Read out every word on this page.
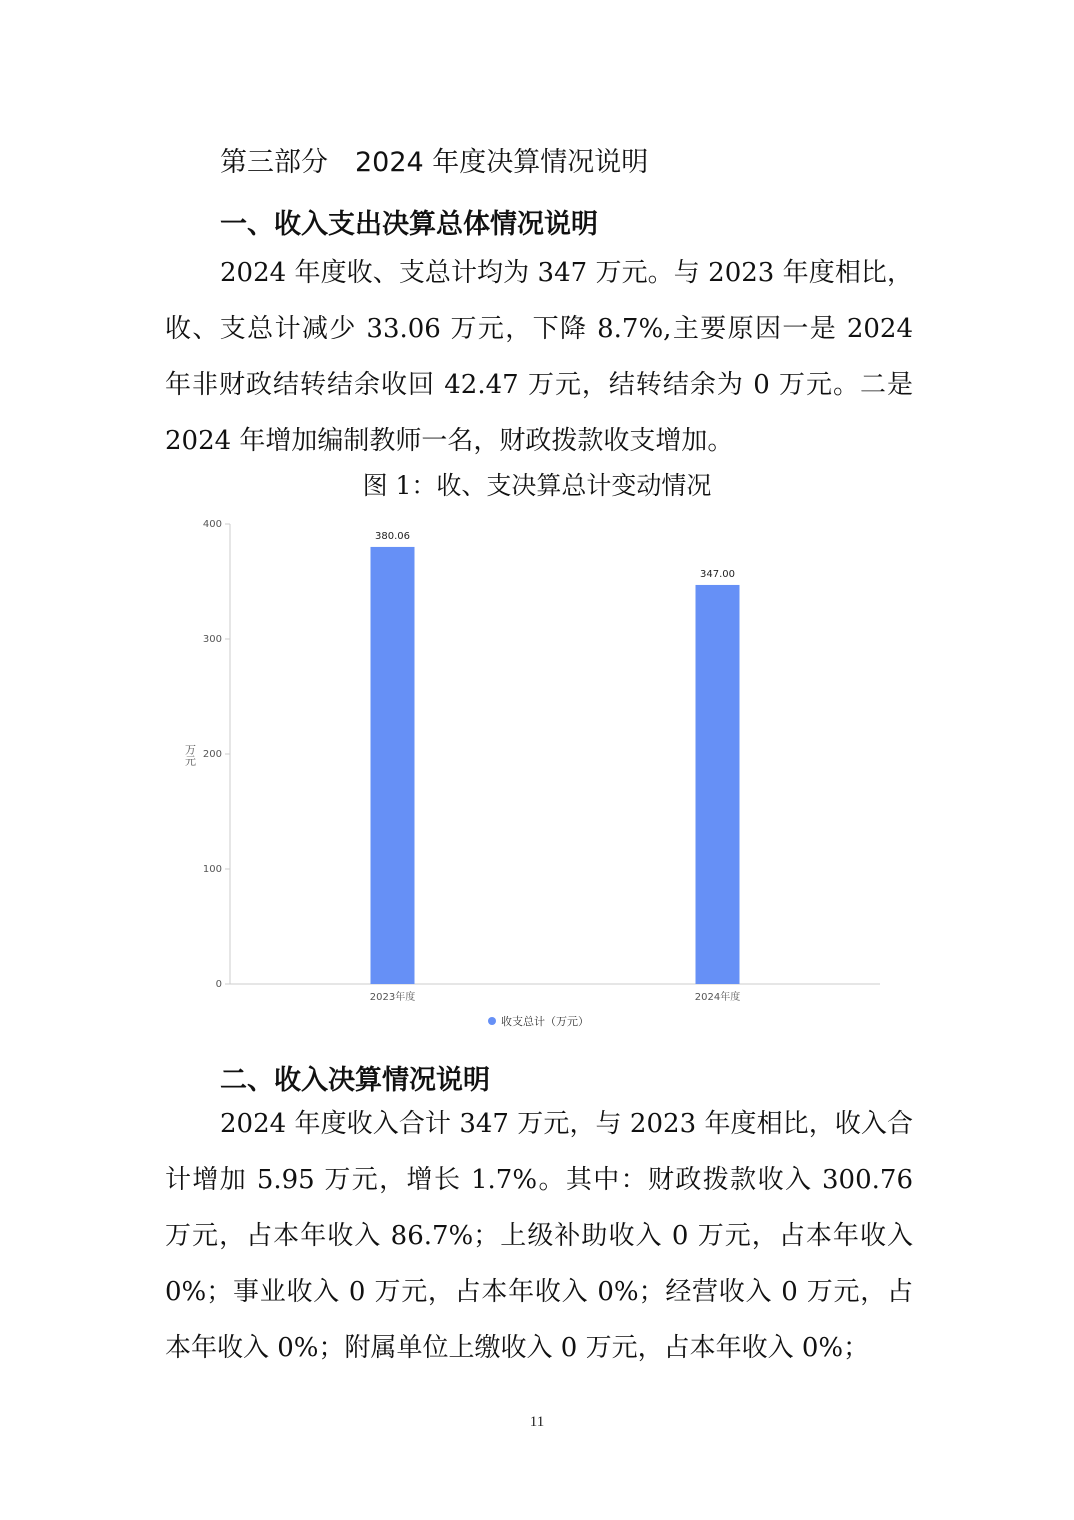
第三部分　2024 年度决算情况说明
一、收入支出决算总体情况说明

2024 年度收、支总计均为 347 万元。与 2023 年度相比，收、支总计减少 33.06 万元，下降 8.7%,主要原因一是 2024 年非财政结转结余收回 42.47 万元，结转结余为 0 万元。二是 2024 年增加编制教师一名，财政拨款收支增加。

图 1：收、支决算总计变动情况
0
100
200
300
400
380.06
347.00
2023年度	2024年度
万元
收支总计（万元）
二、收入决算情况说明

2024 年度收入合计 347 万元，与 2023 年度相比，收入合计增加 5.95 万元，增长 1.7%。其中：财政拨款收入 300.76 万元，占本年收入 86.7%；上级补助收入 0 万元，占本年收入 0%；事业收入 0 万元，占本年收入 0%；经营收入 0 万元，占本年收入 0%；附属单位上缴收入 0 万元，占本年收入 0%；

11
